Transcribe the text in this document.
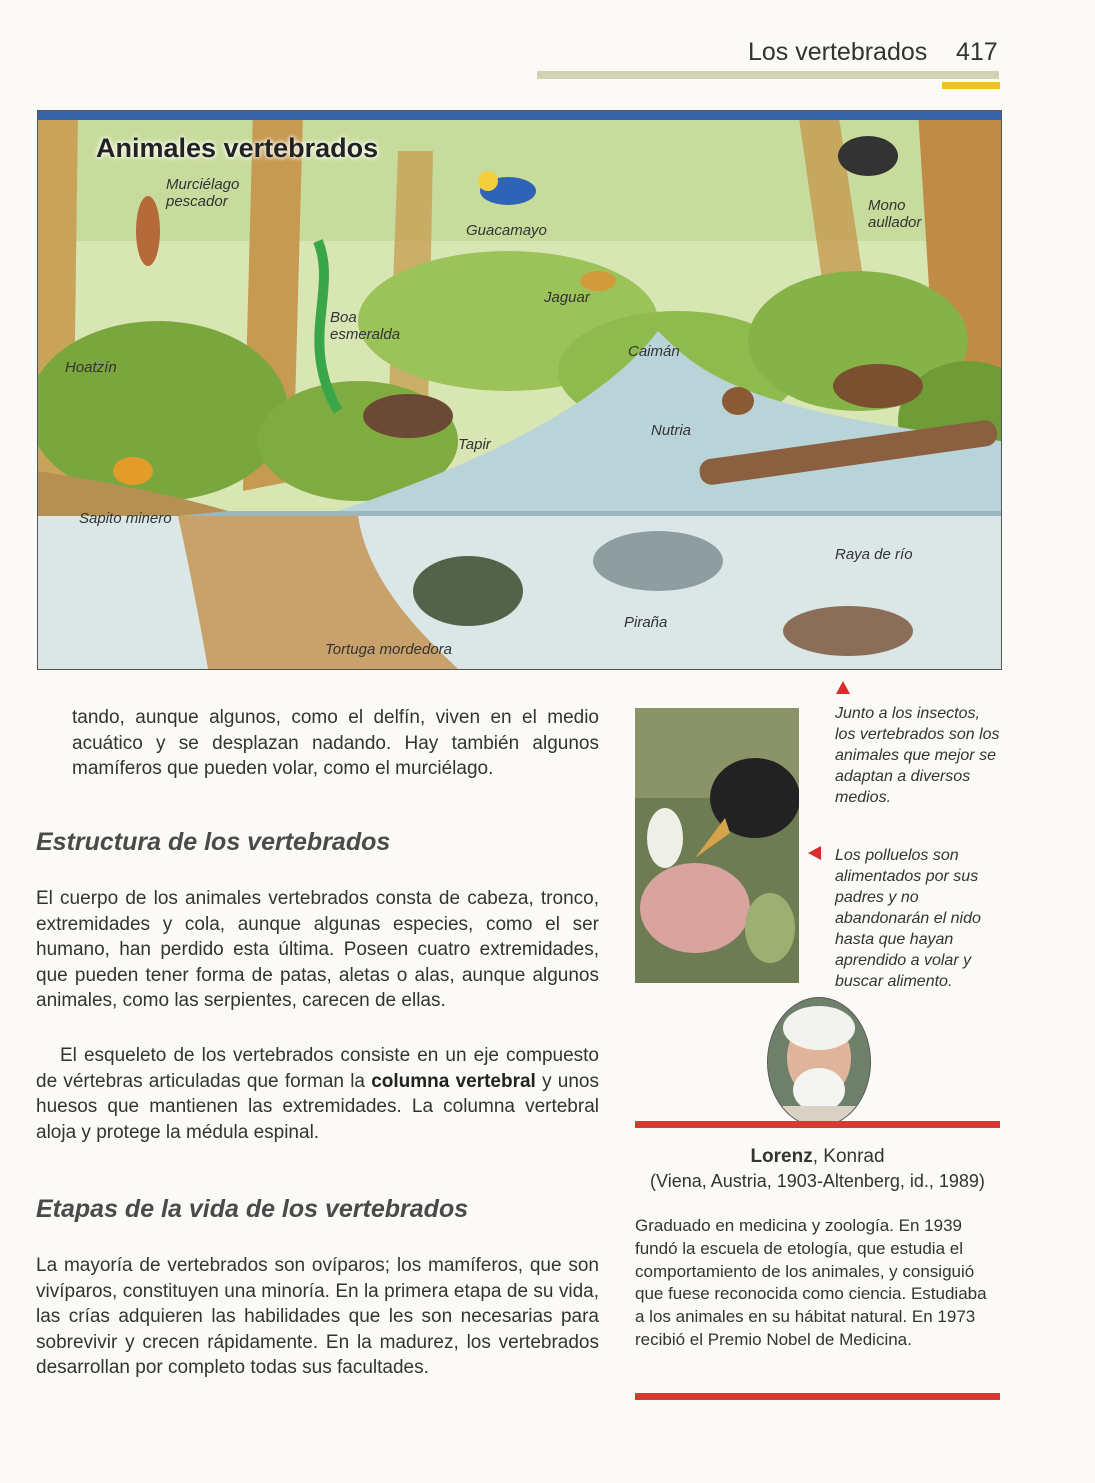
Los vertebrados 417
Animales vertebrados
Murciélago pescador
Guacamayo
Mono aullador
Jaguar
Boa esmeralda
Caimán
Hoatzín
Nutria
Tapir
Sapito minero
Raya de río
Piraña
Tortuga mordedora
tando, aunque algunos, como el delfín, viven en el medio acuático y se desplazan nadando. Hay también algunos mamíferos que pueden volar, como el murciélago.
Estructura de los vertebrados
El cuerpo de los animales vertebrados consta de cabeza, tronco, extremidades y cola, aunque algunas especies, como el ser humano, han perdido esta última. Poseen cuatro extremidades, que pueden tener forma de patas, aletas o alas, aunque algunos animales, como las serpientes, carecen de ellas.
El esqueleto de los vertebrados consiste en un eje compuesto de vértebras articuladas que forman la columna vertebral y unos huesos que mantienen las extremidades. La columna vertebral aloja y protege la médula espinal.
Etapas de la vida de los vertebrados
La mayoría de vertebrados son ovíparos; los mamíferos, que son vivíparos, constituyen una minoría. En la primera etapa de su vida, las crías adquieren las habilidades que les son necesarias para sobrevivir y crecen rápidamente. En la madurez, los vertebrados desarrollan por completo todas sus facultades.
Junto a los insectos, los vertebrados son los animales que mejor se adaptan a diversos medios.
Los polluelos son alimentados por sus padres y no abandonarán el nido hasta que hayan aprendido a volar y buscar alimento.
Lorenz, Konrad
(Viena, Austria, 1903-Altenberg, id., 1989)
Graduado en medicina y zoología. En 1939 fundó la escuela de etología, que estudia el comportamiento de los animales, y consiguió que fuese reconocida como ciencia. Estudiaba a los animales en su hábitat natural. En 1973 recibió el Premio Nobel de Medicina.
